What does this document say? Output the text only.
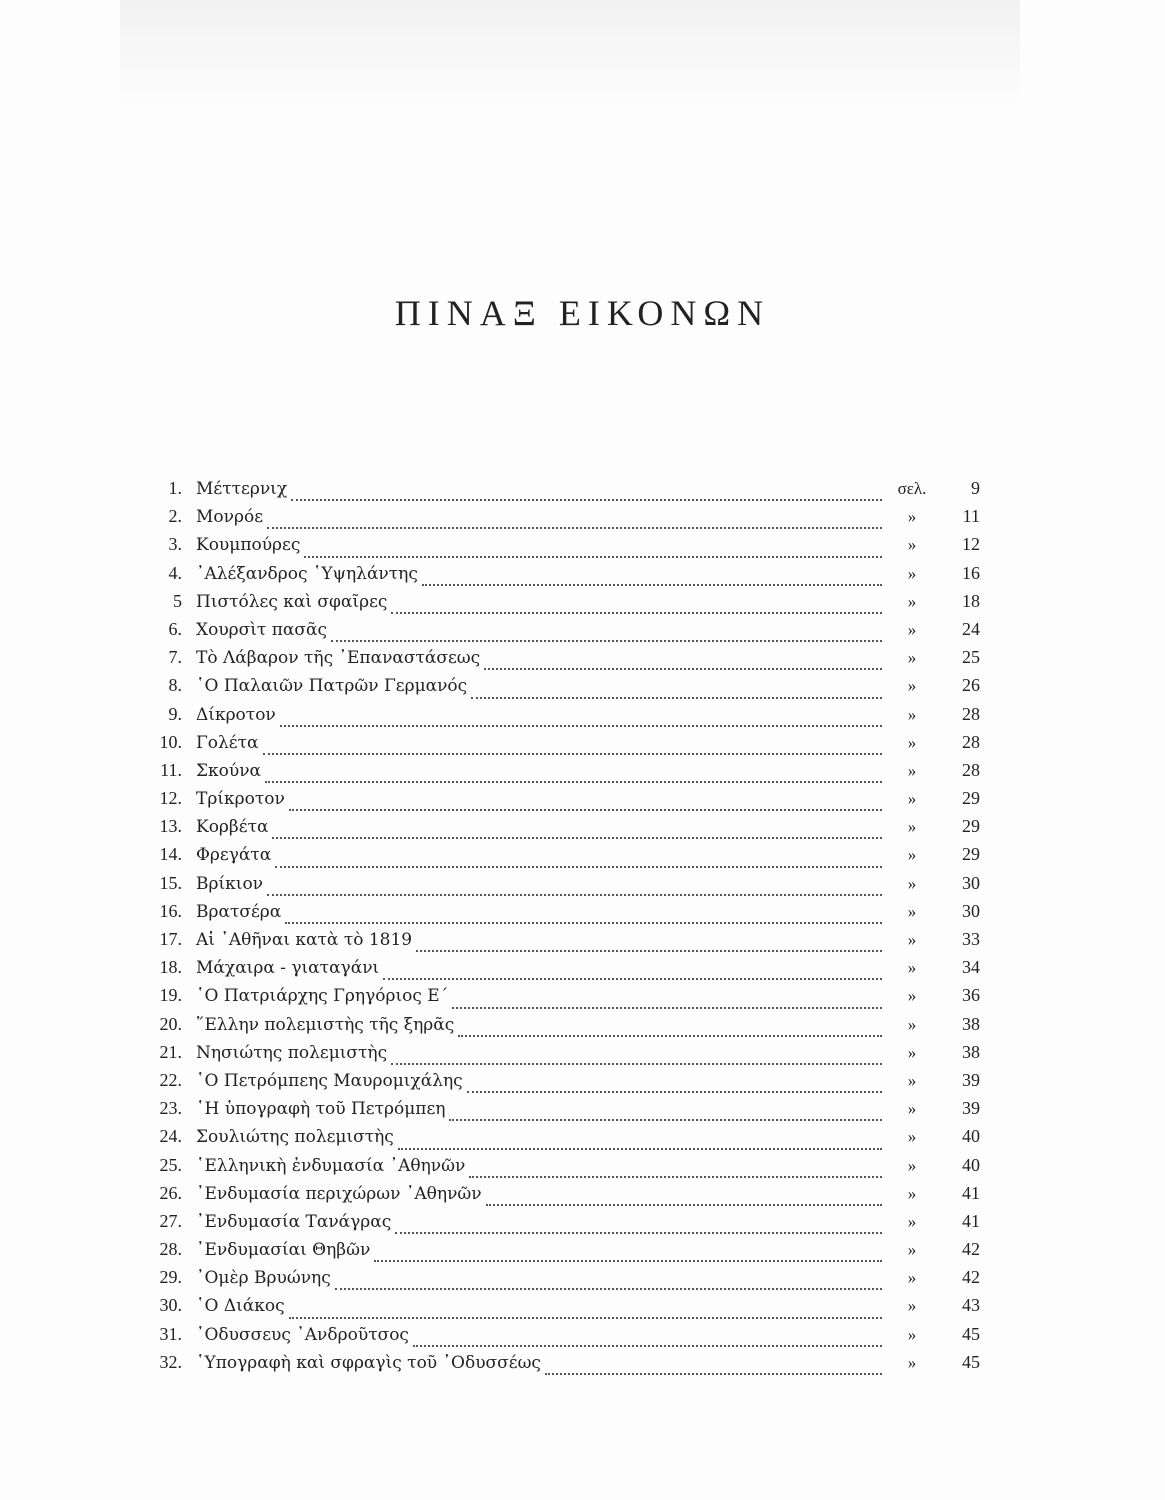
ΠΙΝΑΞ ΕΙΚΟΝΩΝ
1. Μέττερνιχ	σελ.	9
2. Μονρόε	»	11
3. Κουμπούρες	»	12
4. ᾿Αλέξανδρος ῾Υψηλάντης	»	16
5 Πιστόλες καὶ σφαῖρες	»	18
6. Χουρσὶτ πασᾶς	»	24
7. Τὸ Λάβαρον τῆς ᾿Επαναστάσεως	»	25
8. ῾Ο Παλαιῶν Πατρῶν Γερμανός	»	26
9. Δίκροτον	»	28
10. Γολέτα	»	28
11. Σκούνα	»	28
12. Τρίκροτον	»	29
13. Κορβέτα	»	29
14. Φρεγάτα	»	29
15. Βρίκιον	»	30
16. Βρατσέρα	»	30
17. Αἱ ᾿Αθῆναι κατὰ τὸ 1819	»	33
18. Μάχαιρα - γιαταγάνι	»	34
19. ῾Ο Πατριάρχης Γρηγόριος Ε΄	»	36
20. ῞Ελλην πολεμιστὴς τῆς ξηρᾶς	»	38
21. Νησιώτης πολεμιστὴς	»	38
22. ῾Ο Πετρόμπεης Μαυρομιχάλης	»	39
23. ῾Η ὑπογραφὴ τοῦ Πετρόμπεη	»	39
24. Σουλιώτης πολεμιστὴς	»	40
25. ῾Ελληνικὴ ἐνδυμασία ᾿Αθηνῶν	»	40
26. ᾿Ενδυμασία περιχώρων ᾿Αθηνῶν	»	41
27. ᾿Ενδυμασία Τανάγρας	»	41
28. ᾿Ενδυμασίαι Θηβῶν	»	42
29. ᾿Ομὲρ Βρυώνης	»	42
30. ῾Ο Διάκος	»	43
31. ᾿Οδυσσευς ᾿Ανδροῦτσος	»	45
32. ῾Υπογραφὴ καὶ σφραγὶς τοῦ ᾿Οδυσσέως	»	45
